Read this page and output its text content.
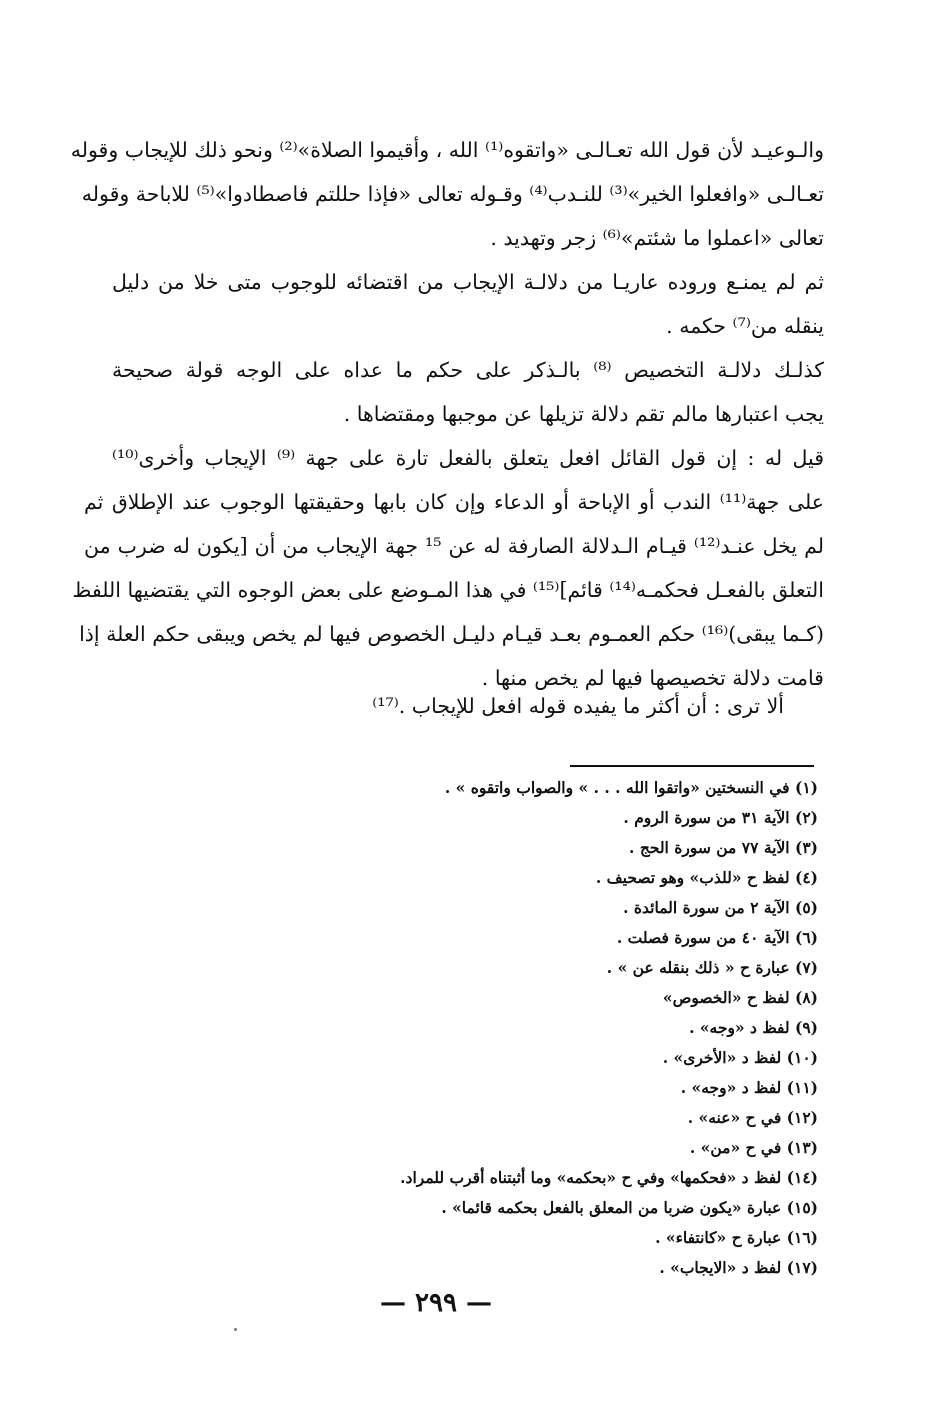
والـوعيـد لأن قول الله تعـالـى «واتقوه⁽¹⁾ الله ، وأقيموا الصلاة»⁽²⁾ ونحو ذلك للإيجاب وقوله
تعـالـى «وافعلوا الخير»⁽³⁾ للنـدب⁽⁴⁾ وقـوله تعالى «فإذا حللتم فاصطادوا»⁽⁵⁾ للاباحة وقوله
تعالى «اعملوا ما شئتم»⁽⁶⁾ زجر وتهديد .
ثم لم يمنـع وروده عاريـا من دلالـة الإيجاب من اقتضائه للوجوب متى خلا من دليل
ينقله من⁽⁷⁾ حكمه .
كذلـك دلالـة التخصيص ⁽⁸⁾ بالـذكر على حكم ما عداه على الوجه قولة صحيحة
يجب اعتبارها مالم تقم دلالة تزيلها عن موجبها ومقتضاها .
قيل له : إن قول القائل افعل يتعلق بالفعل تارة على جهة ⁽⁹⁾ الإيجاب وأخرى⁽¹⁰⁾
على جهة⁽¹¹⁾ الندب أو الإباحة أو الدعاء وإن كان بابها وحقيقتها الوجوب عند الإطلاق ثم
لم يخل عنـد⁽¹²⁾ قيـام الـدلالة الصارفة له عن ¹⁵ جهة الإيجاب من أن [يكون له ضرب من
التعلق بالفعـل فحكمـه⁽¹⁴⁾ قائم]⁽¹⁵⁾ في هذا المـوضع على بعض الوجوه التي يقتضيها اللفظ
(كـما يبقى)⁽¹⁶⁾ حكم العمـوم بعـد قيـام دليـل الخصوص فيها لم يخص ويبقى حكم العلة إذا
قامت دلالة تخصيصها فيها لم يخص منها .
ألا ترى : أن أكثر ما يفيده قوله افعل للإيجاب .⁽¹⁷⁾
(١) في النسختين «واتقوا الله . . . » والصواب واتقوه » .
(٢) الآية ٣١ من سورة الروم .
(٣) الآية ٧٧ من سورة الحج .
(٤) لفظ ح «للذب» وهو تصحيف .
(٥) الآية ٢ من سورة المائدة .
(٦) الآية ٤٠ من سورة فصلت .
(٧) عبارة ح « ذلك بنقله عن » .
(٨) لفظ ح «الخصوص»
(٩) لفظ د «وجه» .
(١٠) لفظ د «الأخرى» .
(١١) لفظ د «وجه» .
(١٢) في ح «عنه» .
(١٣) في ح «من» .
(١٤) لفظ د «فحكمها» وفي ح «بحكمه» وما أثبتناه أقرب للمراد.
(١٥) عبارة «يكون ضربا من المعلق بالفعل بحكمه قائما» .
(١٦) عبارة ح «كانتفاء» .
(١٧) لفظ د «الايجاب» .
— ٢٩٩ —
